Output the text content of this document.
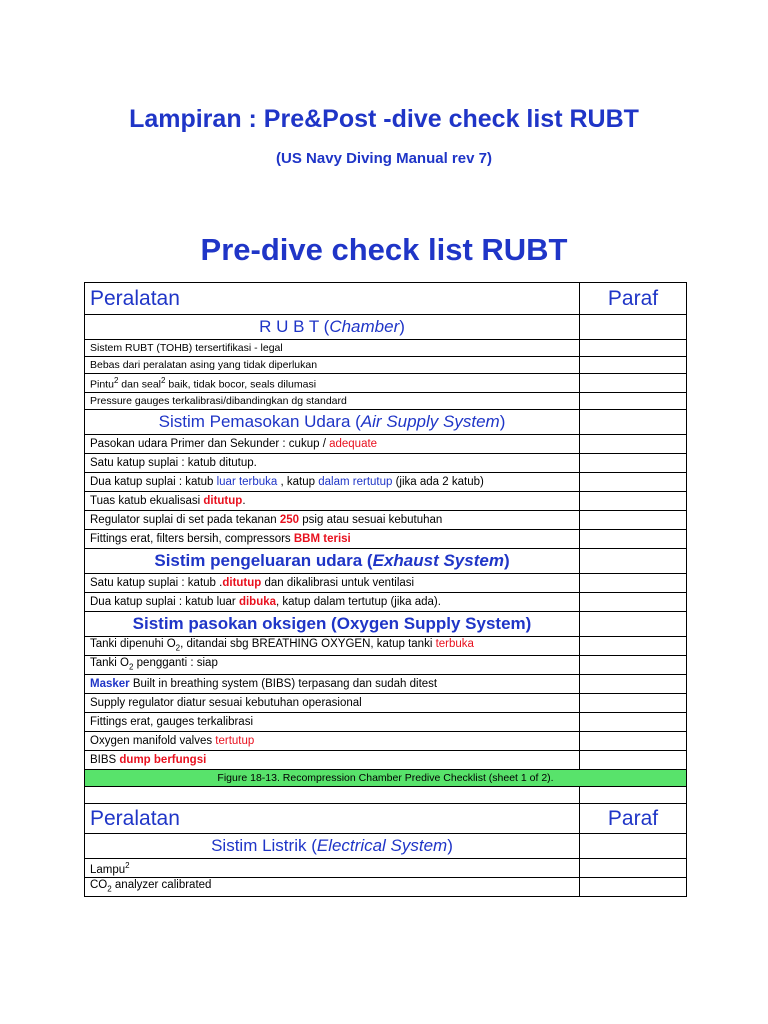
Lampiran : Pre&Post -dive check list RUBT
(US Navy Diving Manual rev 7)
Pre-dive check list RUBT
Peralatan	Paraf
R U B T (Chamber)	
Sistem RUBT (TOHB) tersertifikasi - legal	
Bebas dari peralatan asing yang tidak diperlukan	
Pintu$^2$ dan seal$^2$ baik, tidak bocor, seals dilumasi	
Pressure gauges terkalibrasi/dibandingkan dg standard	
Sistim Pemasokan Udara (Air Supply System)	
Pasokan udara Primer dan Sekunder : cukup / adequate	
Satu katup suplai : katub ditutup.	
Dua katup suplai : katub luar terbuka , katup dalam rertutup (jika ada 2 katub)	
Tuas katub ekualisasi ditutup.	
Regulator suplai di set pada tekanan 250 psig atau sesuai kebutuhan	
Fittings erat, filters bersih, compressors BBM terisi	
Sistim pengeluaran udara (Exhaust System)	
Satu katup suplai : katub .ditutup dan dikalibrasi untuk ventilasi	
Dua katup suplai : katub luar dibuka, katup dalam tertutup (jika ada).	
Sistim pasokan oksigen (Oxygen Supply System)	
Tanki dipenuhi $O_2$, ditandai sbg BREATHING OXYGEN, katup tanki terbuka	
Tanki $O_2$ pengganti : siap	
Masker Built in breathing system (BIBS) terpasang dan sudah ditest	
Supply regulator diatur sesuai kebutuhan operasional	
Fittings erat, gauges terkalibrasi	
Oxygen manifold valves tertutup	
BIBS dump berfungsi	
Figure 18-13. Recompression Chamber Predive Checklist (sheet 1 of 2).	

Peralatan	Paraf
Sistim Listrik (Electrical System)	
Lampu$^2$	
$CO_2$ analyzer calibrated	
